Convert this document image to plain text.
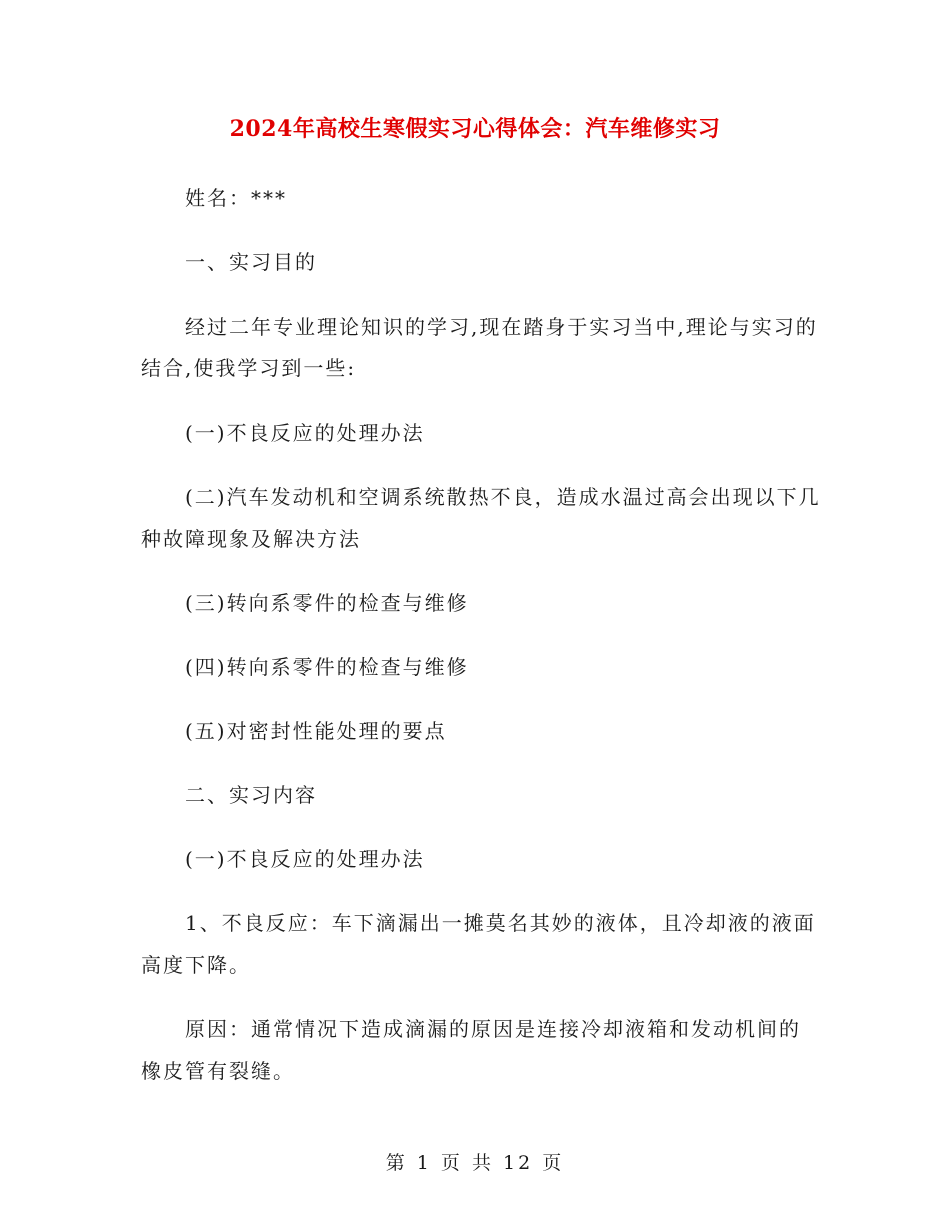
2024年高校生寒假实习心得体会：汽车维修实习
姓名：***
一、实习目的
经过二年专业理论知识的学习,现在踏身于实习当中,理论与实习的
结合,使我学习到一些:
(一)不良反应的处理办法
(二)汽车发动机和空调系统散热不良，造成水温过高会出现以下几
种故障现象及解决方法
(三)转向系零件的检查与维修
(四)转向系零件的检查与维修
(五)对密封性能处理的要点
二、实习内容
(一)不良反应的处理办法
1、不良反应：车下滴漏出一摊莫名其妙的液体，且冷却液的液面
高度下降。
原因：通常情况下造成滴漏的原因是连接冷却液箱和发动机间的
橡皮管有裂缝。
第 1 页 共 12 页
